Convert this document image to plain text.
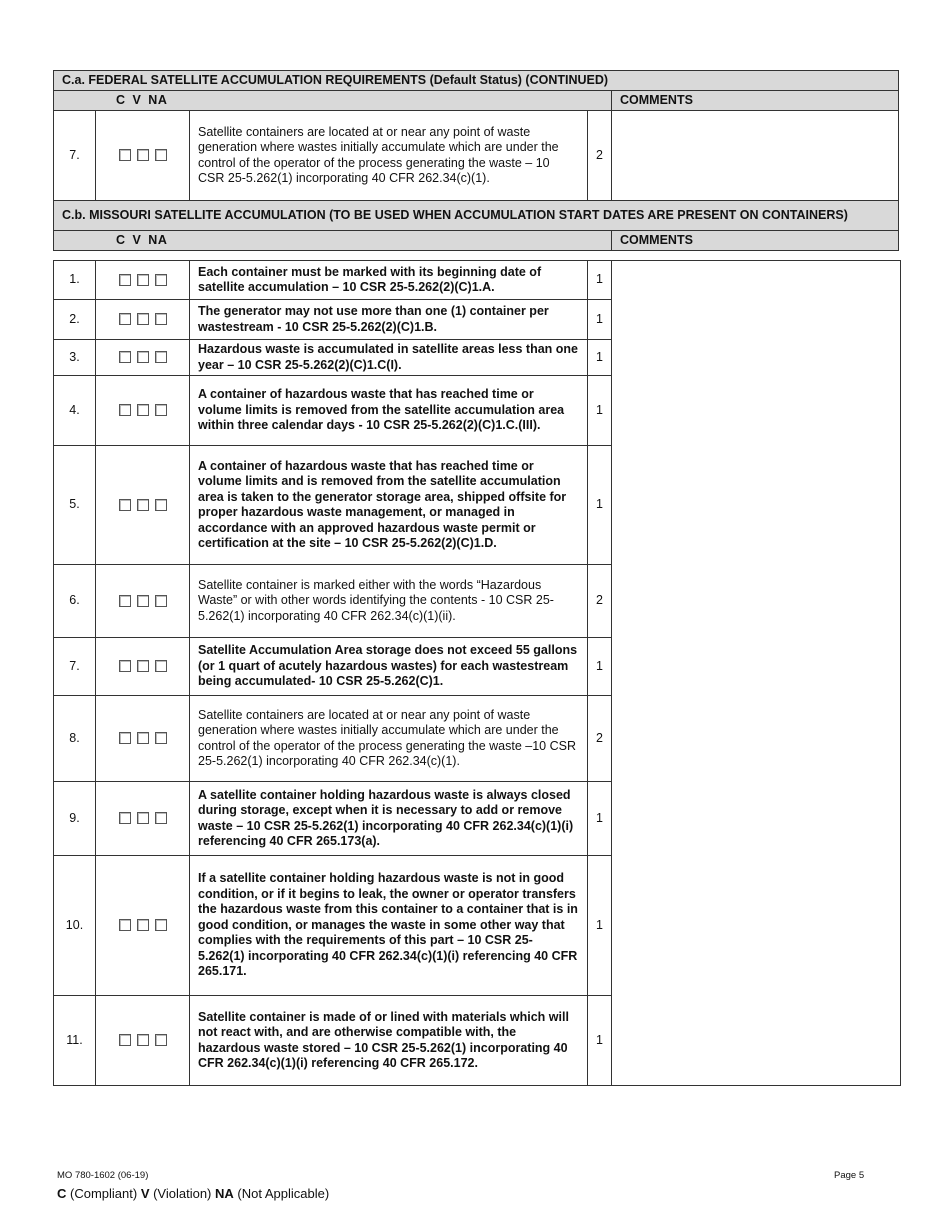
C.a. FEDERAL SATELLITE ACCUMULATION REQUIREMENTS (Default Status) (CONTINUED)				
C V NA				COMMENTS
7.		Satellite containers are located at or near any point of waste generation where wastes initially accumulate which are under the control of the operator of the process generating the waste – 10 CSR 25-5.262(1) incorporating 40 CFR 262.34(c)(1).	2	
C.b. MISSOURI SATELLITE ACCUMULATION (TO BE USED WHEN ACCUMULATION START DATES ARE PRESENT ON CONTAINERS)				
C V NA				COMMENTS
1.		Each container must be marked with its beginning date of satellite accumulation – 10 CSR 25-5.262(2)(C)1.A.	1	
2.		The generator may not use more than one (1) container per wastestream - 10 CSR 25-5.262(2)(C)1.B.	1	
3.		Hazardous waste is accumulated in satellite areas less than one year – 10 CSR 25-5.262(2)(C)1.C(I).	1	
4.		A container of hazardous waste that has reached time or volume limits is removed from the satellite accumulation area within three calendar days - 10 CSR 25-5.262(2)(C)1.C.(III).	1	
5.		A container of hazardous waste that has reached time or volume limits and is removed from the satellite accumulation area is taken to the generator storage area, shipped offsite for proper hazardous waste management, or managed in accordance with an approved hazardous waste permit or certification at the site – 10 CSR 25-5.262(2)(C)1.D.	1	
6.		Satellite container is marked either with the words “Hazardous Waste” or with other words identifying the contents - 10 CSR 25-5.262(1) incorporating 40 CFR 262.34(c)(1)(ii).	2	
7.		Satellite Accumulation Area storage does not exceed 55 gallons (or 1 quart of acutely hazardous wastes) for each wastestream being accumulated- 10 CSR 25-5.262(C)1.	1	
8.		Satellite containers are located at or near any point of waste generation where wastes initially accumulate which are under the control of the operator of the process generating the waste –10 CSR 25-5.262(1) incorporating 40 CFR 262.34(c)(1).	2	
9.		A satellite container holding hazardous waste is always closed during storage, except when it is necessary to add or remove waste – 10 CSR 25-5.262(1) incorporating 40 CFR 262.34(c)(1)(i) referencing 40 CFR 265.173(a).	1	
10.		If a satellite container holding hazardous waste is not in good condition, or if it begins to leak, the owner or operator transfers the hazardous waste from this container to a container that is in good condition, or manages the waste in some other way that complies with the requirements of this part – 10 CSR 25-5.262(1) incorporating 40 CFR 262.34(c)(1)(i) referencing 40 CFR 265.171.	1	
11.		Satellite container is made of or lined with materials which will not react with, and are otherwise compatible with, the hazardous waste stored – 10 CSR 25-5.262(1) incorporating 40 CFR 262.34(c)(1)(i) referencing 40 CFR 265.172.	1	
MO 780-1602 (06-19)	Page 5
C (Compliant) V (Violation) NA (Not Applicable)
